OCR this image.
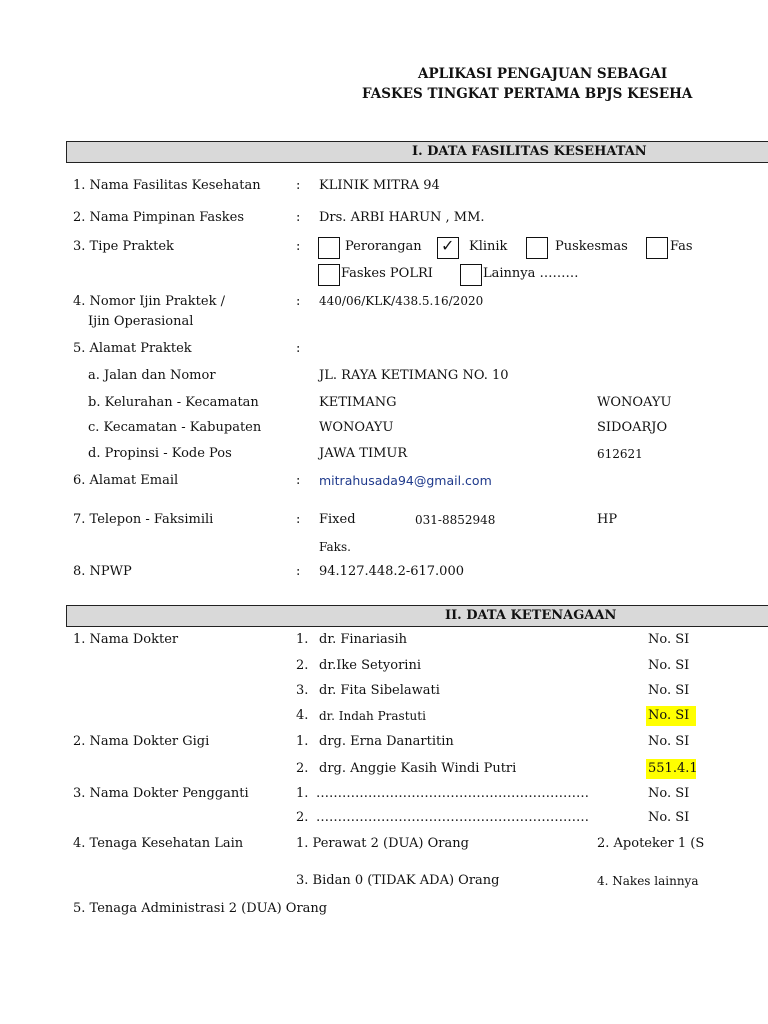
APLIKASI PENGAJUAN SEBAGAI
FASKES TINGKAT PERTAMA BPJS KESEHA
I. DATA FASILITAS KESEHATAN
1. Nama Fasilitas Kesehatan	: KLINIK MITRA 94
2. Nama Pimpinan Faskes	: Drs. ARBI HARUN , MM.
3. Tipe Praktek	:	Perorangan ✓ Klinik	Puskesmas	Fas
Faskes POLRI	Lainnya ………
4. Nomor Ijin Praktek /
Ijin Operasional
: 440/06/KLK/438.5.16/2020
5. Alamat Praktek	:
a. Jalan dan Nomor	JL. RAYA KETIMANG NO. 10
b. Kelurahan - Kecamatan	KETIMANG	WONOAYU
c. Kecamatan - Kabupaten	WONOAYU	SIDOARJO
d. Propinsi - Kode Pos	JAWA TIMUR	612621
6. Alamat Email	: mitrahusada94@gmail.com
7. Telepon - Faksimili	: Fixed	031-8852948	HP
Faks.
8. NPWP	: 94.127.448.2-617.000
II. DATA KETENAGAAN
1. Nama Dokter	1. dr. Finariasih	No. SI
2. dr.Ike Setyorini	No. SI
3. dr. Fita Sibelawati	No. SI
4. dr. Indah Prastuti	No. SI
2. Nama Dokter Gigi	1. drg. Erna Danartitin	No. SI
2. drg. Anggie Kasih Windi Putri	551.4.1
3. Nama Dokter Pengganti	1. ………………………………………………………	No. SI
2. ………………………………………………………	No. SI
4. Tenaga Kesehatan Lain	1. Perawat 2 (DUA) Orang	2. Apoteker 1 (S
3. Bidan 0 (TIDAK ADA) Orang	4. Nakes lainnya
5. Tenaga Administrasi 2 (DUA) Orang
